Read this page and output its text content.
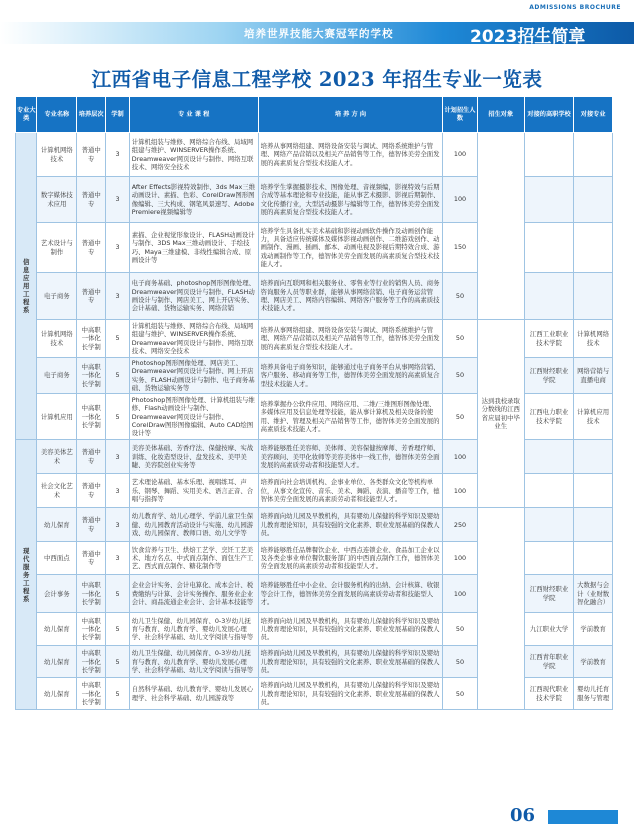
ADMISSIONS BROCHURE
培养世界技能大赛冠军的学校	2023招生简章
江西省电子信息工程学校 2023 年招生专业一览表
专业大类	专业名称	培养层次	学制	专 业 课 程	培 养 方 向	计划招生人数	招生对象	对接的高职学校	对接专业
信息应用工程系	计算机网络技术	普通中专	3	计算机组装与维修、网络综合布线、局域网组建与维护、WINSERVER操作系统、Dreamweaver网页设计与制作、网络互联技术、网络安全技术	培养从事网络组建、网络设备安装与调试、网络系统维护与管理、网络产品营销以及相关产品销售等工作，德智体美劳全面发展的高素质复合型技术技能人才。	100			
	数字媒体技术应用	普通中专	3	After Effects影视特效制作、3ds Max三维动画设计、素描、色彩、CorelDraw图形图像编辑、三大构成、钢笔风景速写、Adobe Premiere视频编辑等	培养学生掌握摄影技术、图像处理、音视频编，影视特效与后期合成等基本理论和专业技能，能从事艺术摄影、影视后期制作、文化传播行业，大型活动摄影与编辑等工作，德智体美劳全面发展的高素质复合型技术技能人才。	100			
	艺术设计与制作	普通中专	3	素描、企业视觉形象设计、FLASH动画设计与制作、3DS Max三维动画设计、手绘技巧、Maya三维建模、非线性编辑合成、原画设计等	培养学生具备扎实美术基础和影视动画软件操作及动画创作能力，具备适应传统媒体及媒体影视动画创作、二维游戏创作、动画制作、漫画、插画、邮本、动画电视及影视后期特效合成、游戏动画制作等工作，德智体美劳全面发展的高素质复合型技术技能人才。	150			
	电子商务	普通中专	3	电子商务基础、photoshop图形图像处理、Dreamweaver网页设计与制作、FLASH动画设计与制作、网店美工、网上开店实务、会计基础、货物运输实务、网络营销	培养面向互联网和相关服务业、零售业等行业的销售人员、商务咨询服务人员等职业群，能够从事网络营销、电子商务运营管理、网店美工、网络内容编辑、网络客户服务等工作的高素质技术技能人才。	50			
	计算机网络技术	中高职一体化长学制	5	计算机组装与维修、网络综合布线、局域网组建与维护、WINSERVER操作系统、Dreamweaver网页设计与制作、网络互联技术、网络安全技术	培养从事网络组建、网络设备安装与调试、网络系统维护与管理、网络产品营销以及相关产品销售等工作，德智体美劳全面发展的高素质复合型技术技能人才。	50	达到我校录取分数线的江西省应届初中毕业生	江西工业职业技术学院	计算机网络技术
	电子商务	中高职一体化长学制	5	Photoshop图形图像处理、网店美工、Dreamweaver网页设计与制作、网上开店实务、FLASH动画设计与制作、电子商务基础、货物运输实务等	培养具备电子商务知识，能够通过电子商务平台从事网络营销、客户服务、移动商务等工作，德智体美劳全面发展的高素质复合型技术技能人才。	50		江西财经职业学院	网络营销与直播电商
	计算机应用	中高职一体化长学制	5	Photoshop图形图像处理、计算机组装与维修、Flash动画设计与制作、Dreamweaver网页设计与制作、CorelDraw图形图像编辑、Auto CAD绘图设计等	培养掌握办公软件应用、网络应用、二维/三维图形图像处理、多媒体应用及信息处理等技能，能从事计算机及相关设备的使用、维护、管理及相关产品销售等工作，德智体美劳全面发展的高素质技术技能人才。	50		江西电力职业技术学院	计算机应用技术
现代服务工程系	美容美体艺术	普通中专	3	美容美体基础、芳香疗法、保健按摩、实战训练、化妆造型设计、盘发技术、美甲美睫、美容院创业实务等	培养能够胜任美容师、美体师、美容保健按摩师、芳香理疗师、美容顾问、美甲化妆师等美容美体中一线工作，德智体美劳全面发展的高素质劳动者和技能型人才。	100			
	社会文化艺术	普通中专	3	艺术理论基础、基本乐理、视唱练耳、声乐、钢琴、舞蹈、实用美术、语言正音、合唱与指挥等	培养面向社会培训机构、企事业单位、各类群众文化等机构单位，从事文化宣传、音乐、美术、舞蹈、表演、播音等工作，德智体美劳全面发展的高素质劳动者和技能型人才。	100			
	幼儿保育	普通中专	3	幼儿教育学、幼儿心理学、学前儿童卫生保健、幼儿园教育活动设计与实施、幼儿园游戏、幼儿园保育、教师口语、幼儿文学等	培养面向幼儿园及早教机构，具有婴幼儿保健的科学知识及婴幼儿教育理论知识，具有较强的文化素养、职业发展基础的保教人员。	250			
	中西面点	普通中专	3	饮食营养与卫生、烘焙工艺学、烹饪工艺美术、地方名点、中式面点制作、面包生产工艺、西式面点制作、糖花制作等	培养能够胜任品牌餐饮企业、中西点连锁企业、食品加工企业以及各类企事业单位餐饮服务部门的中西面点制作工作，德智体美劳全面发展的高素质劳动者和技能型人才。	100			
	会计事务	中高职一体化长学制	5	企业会计实务、会计电算化、成本会计、税费缴纳与计算、会计实务操作、服务业企业会计、商品流通企业会计、会计基本技能等	培养能够胜任中小企业、会计服务机构的出纳、会计核算、收银等会计工作，德智体美劳全面发展的高素质劳动者和技能型人才。	100		江西财经职业学院	大数据与会计（业财数智化融合）
	幼儿保育	中高职一体化长学制	5	幼儿卫生保健、幼儿园保育、0-3岁幼儿抚育与教育、幼儿教育学、婴幼儿发展心理学、社会科学基础、幼儿文学阅读与指导等	培养面向幼儿园及早教机构，具有婴幼儿保健的科学知识及婴幼儿教育理论知识，具有较强的文化素养、职业发展基础的保教人员。	50		九江职业大学	学前教育
	幼儿保育	中高职一体化长学制	5	幼儿卫生保健、幼儿园保育、0-3岁幼儿抚育与教育、幼儿教育学、婴幼儿发展心理学、社会科学基础、幼儿文学阅读与指导等	培养面向幼儿园及早教机构，具有婴幼儿保健的科学知识及婴幼儿教育理论知识，具有较强的文化素养、职业发展基础的保教人员。	50		江西青年职业学院	学前教育
	幼儿保育	中高职一体化长学制	5	自然科学基础、幼儿教育学、婴幼儿发展心理学、社会科学基础、幼儿园游戏等	培养面向幼儿园及早教机构，具有婴幼儿保健的科学知识及婴幼儿教育理论知识，具有较强的文化素养、职业发展基础的保教人员。	50		江西现代职业技术学院	婴幼儿托育服务与管理
06
